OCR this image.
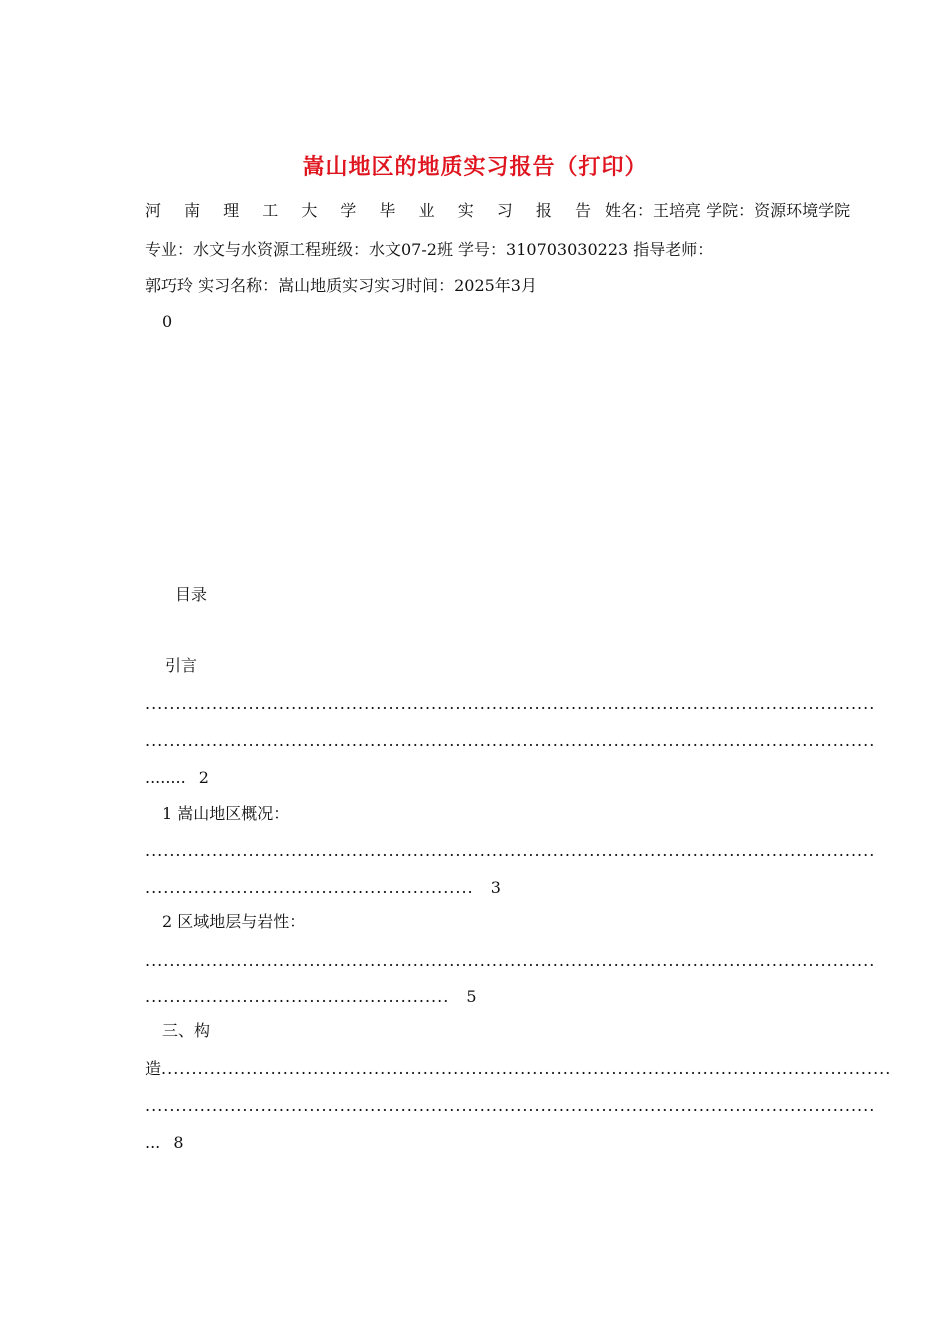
嵩山地区的地质实习报告（打印）
河 南 理 工 大 学 毕 业 实 习 报 告 姓名：王培亮 学院：资源环境学院
专业：水文与水资源工程班级：水文07-2班 学号：310703030223 指导老师：
郭巧玲 实习名称：嵩山地质实习实习时间：2025年3月
0
目录
引言
........................................................................................................................
........................................................................................................................
........ 2
1 嵩山地区概况：
........................................................................................................................
...................................................... 3
2 区域地层与岩性：
........................................................................................................................
.................................................. 5
三、构
造........................................................................................................................
........................................................................................................................
... 8
